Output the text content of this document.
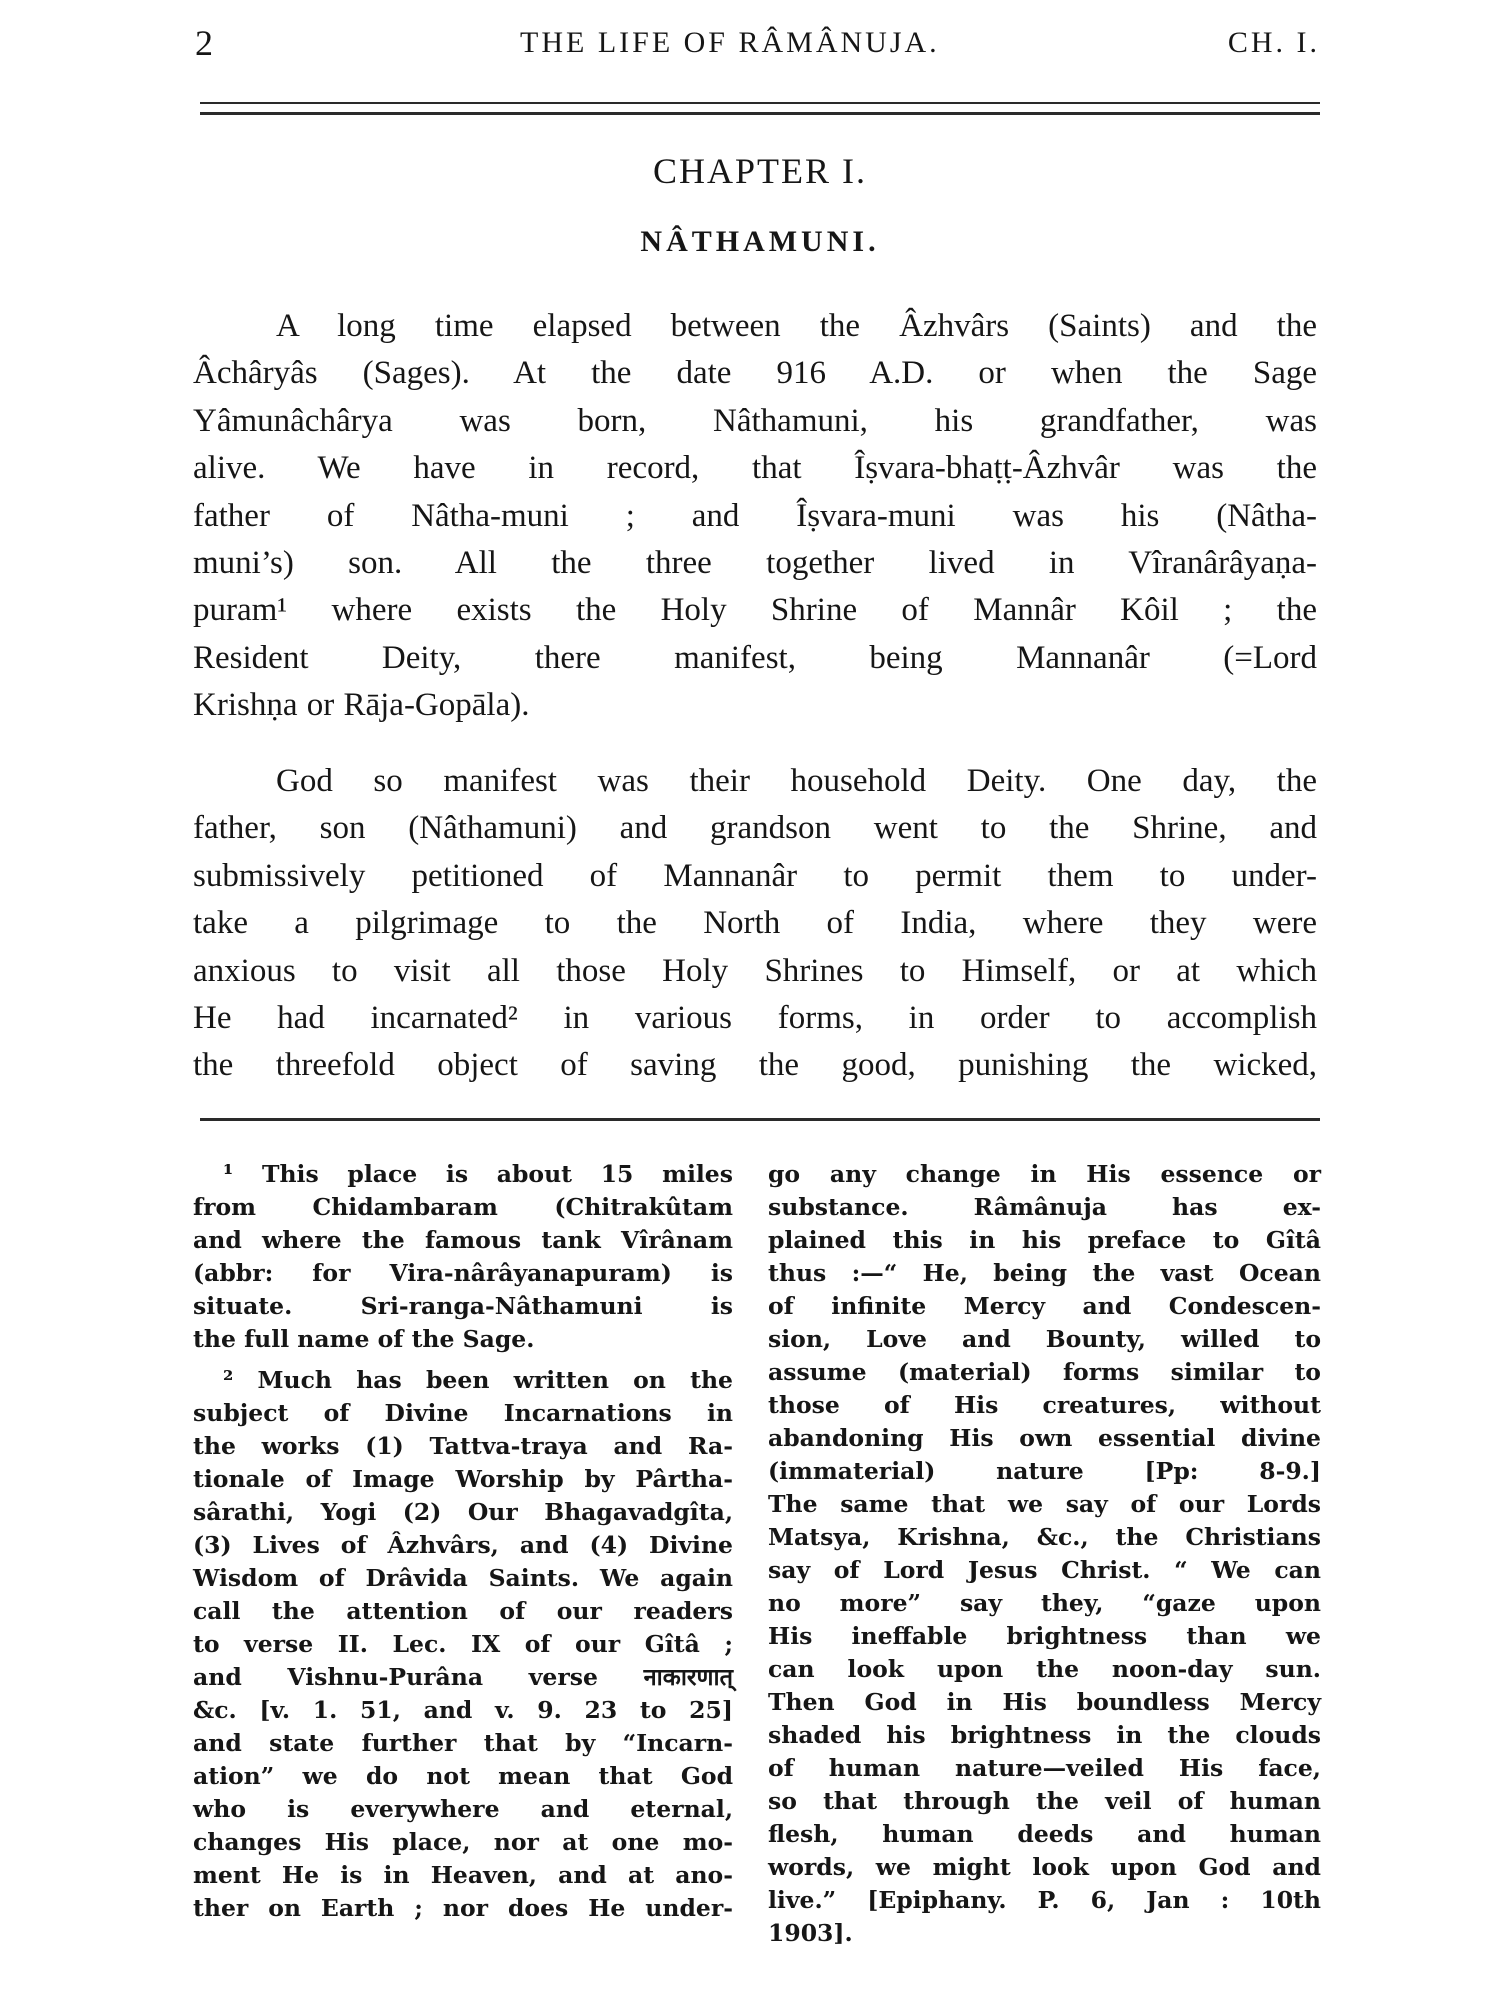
2	THE LIFE OF RÂMÂNUJA.	CH. I.
CHAPTER I.
NÂTHAMUNI.

A long time elapsed between the Âzhvârs (Saints) and the
Âchâryâs (Sages). At the date 916 A.D. or when the Sage
Yâmunâchârya was born, Nâthamuni, his grandfather, was
alive. We have in record, that Îṣvara-bhaṭṭ-Âzhvâr was the
father of Nâtha-muni ; and Îṣvara-muni was his (Nâtha-
muni’s) son. All the three together lived in Vîranârâyaṇa-
puram¹ where exists the Holy Shrine of Mannâr Kôil ; the
Resident Deity, there manifest, being Mannanâr (=Lord
Krishṇa or Rāja-Gopāla).

God so manifest was their household Deity. One day, the
father, son (Nâthamuni) and grandson went to the Shrine, and
submissively petitioned of Mannanâr to permit them to under-
take a pilgrimage to the North of India, where they were
anxious to visit all those Holy Shrines to Himself, or at which
He had incarnated² in various forms, in order to accomplish
the threefold object of saving the good, punishing the wicked,

¹ This place is about 15 miles
from Chidambaram (Chitrakûtam
and where the famous tank Vîrânam
(abbr: for Vira-nârâyanapuram) is
situate. Sri-ranga-Nâthamuni is
the full name of the Sage.
² Much has been written on the
subject of Divine Incarnations in
the works (1) Tattva-traya and Ra-
tionale of Image Worship by Pârtha-
sârathi, Yogi (2) Our Bhagavadgîta,
(3) Lives of Âzhvârs, and (4) Divine
Wisdom of Drâvida Saints. We again
call the attention of our readers
to verse II. Lec. IX of our Gîtâ ;
and Vishnu-Purâna verse नाकारणात्
&c. [v. 1. 51, and v. 9. 23 to 25]
and state further that by “Incarn-
ation” we do not mean that God
who is everywhere and eternal,
changes His place, nor at one mo-
ment He is in Heaven, and at ano-
ther on Earth ; nor does He under-
go any change in His essence or
substance. Râmânuja has ex-
plained this in his preface to Gîtâ
thus :—“ He, being the vast Ocean
of infinite Mercy and Condescen-
sion, Love and Bounty, willed to
assume (material) forms similar to
those of His creatures, without
abandoning His own essential divine
(immaterial) nature [Pp: 8-9.]
The same that we say of our Lords
Matsya, Krishna, &c., the Christians
say of Lord Jesus Christ. “ We can
no more” say they, “gaze upon
His ineffable brightness than we
can look upon the noon-day sun.
Then God in His boundless Mercy
shaded his brightness in the clouds
of human nature—veiled His face,
so that through the veil of human
flesh, human deeds and human
words, we might look upon God and
live.” [Epiphany. P. 6, Jan : 10th
1903].
